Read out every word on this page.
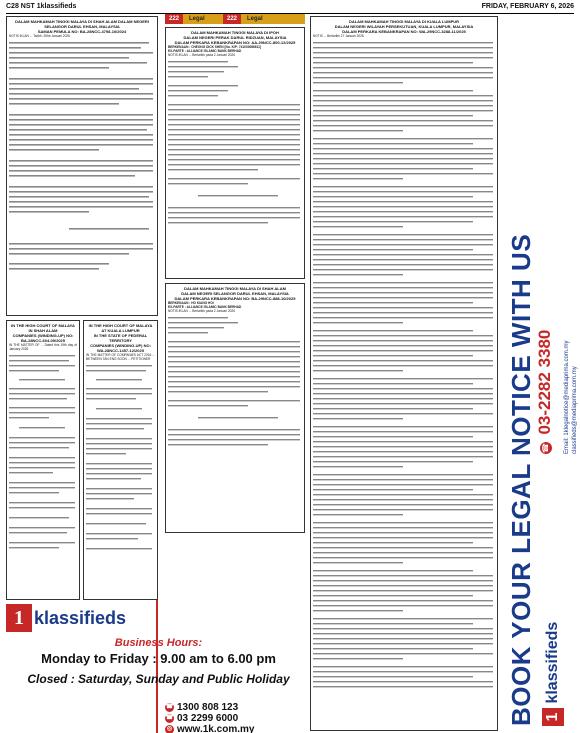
C28 NST 1klassifieds	FRIDAY, FEBRUARY 6, 2026
DALAM MAHKAMAH TINGGI MALAYA DI SHAH ALAM DALAM NEGERI SELANGOR DARUL EHSAN, MALAYSIA
SAMAN PEMULA NO: BA-28NCC-4798-10/2024
NOTIS IKLAN ... Tarikh: 26hb Januari 2026
IN THE HIGH COURT OF MALAYA IN SHAH ALAM
COMPANIES (WINDING-UP) NO: BA-28NCC-604-09/2025
IN THE MATTER OF ... Dated this 19th day of January 2026
IN THE HIGH COURT OF MALAYA AT KUALA LUMPUR
IN THE STATE OF FEDERAL TERRITORY
COMPANIES (WINDING-UP) NO: WA-28NCC-1457-12/2025
IN THE MATTER OF COMPANIES ACT 2016 ... BETWEEN TAN ENG SOON ... PETITIONER
222	Legal	222	Legal
DALAM MAHKAMAH TINGGI MALAYA DI IPOH
DALAM NEGERI PERAK DARUL RIDZUAN, MALAYSIA
DALAM PERKARA KEBANKRAPAN NO: AA-29NCC-800-12/2025
BERKENAAN : CHEONG DICK SHEN [No. K/P: 741030086611]
EX-PARTE : ALLIANCE ISLAMIC BANK BERHAD
NOTIS IKLAN ... Bertarikh pada 2 Januari 2026
DALAM MAHKAMAH TINGGI MALAYA DI SHAH ALAM
DALAM NEGERI SELANGOR DARUL EHSAN, MALAYSIA
DALAM PERKARA KEBANKRAPAN NO: BA-29NCC-888-10/2025
BERKENAAN : HO KIANG HOI
EX-PARTE : ALLIANCE ISLAMIC BANK BERHAD
NOTIS IKLAN ... Bertarikh pada 2 Januari 2026
DALAM MAHKAMAH TINGGI MALAYA DI KUALA LUMPUR
DALAM NEGERI WILAYAH PERSEKUTUAN, KUALA LUMPUR, MALAYSIA
DALAM PERKARA KEBANKRAPAN NO: WA-29NCC-3288-11/2025
NOTIS ... Bertarikh 27 Januari 2026
1 klassifieds
Business Hours:
Monday to Friday : 9.00 am to 6.00 pm
Closed : Saturday, Sunday and Public Holiday
☎ 1300 808 123
☎ 03 2299 6000
◎ www.1k.com.my
BOOK YOUR LEGAL NOTICE WITH US ☎ 03-2282 3380	Email: 1klegalnotice@mediaprima.com.my classifieds@mediaprima.com.my
1 klassifieds
